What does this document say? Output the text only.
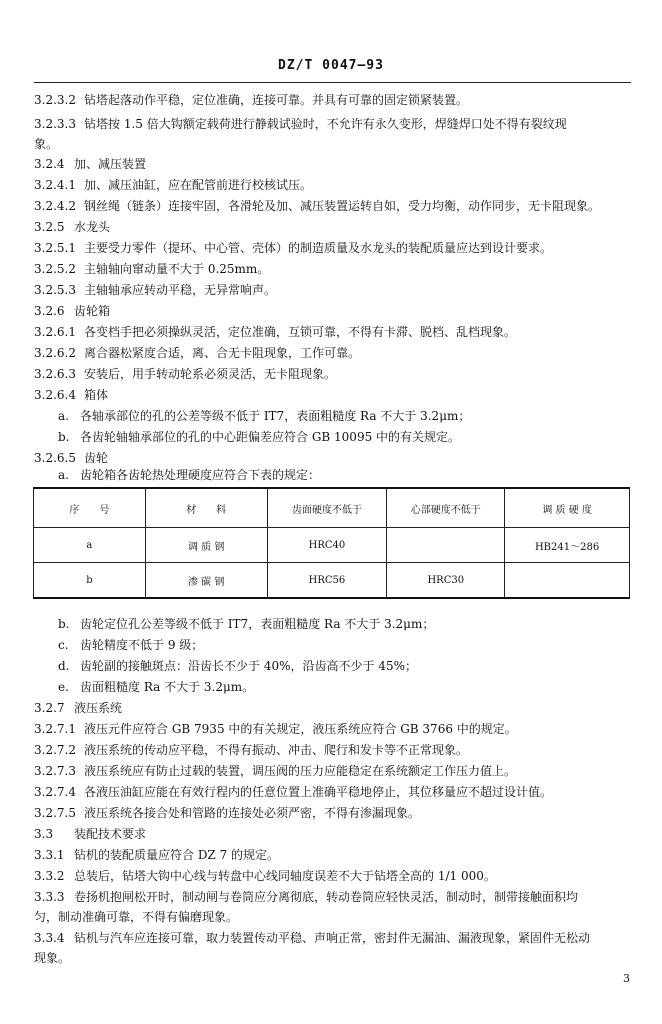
DZ/T 0047—93
3.2.3.2 钻塔起落动作平稳，定位准确，连接可靠。并具有可靠的固定锁紧装置。
3.2.3.3 钻塔按 1.5 倍大钩额定载荷进行静载试验时，不允许有永久变形，焊缝焊口处不得有裂纹现
象。
3.2.4 加、减压装置
3.2.4.1 加、减压油缸，应在配管前进行校核试压。
3.2.4.2 钢丝绳（链条）连接牢固，各滑轮及加、减压装置运转自如，受力均衡，动作同步，无卡阻现象。
3.2.5 水龙头
3.2.5.1 主要受力零件（提环、中心管、壳体）的制造质量及水龙头的装配质量应达到设计要求。
3.2.5.2 主轴轴向窜动量不大于 0.25mm。
3.2.5.3 主轴轴承应转动平稳，无异常响声。
3.2.6 齿轮箱
3.2.6.1 各变档手把必须操纵灵活，定位准确，互锁可靠，不得有卡滞、脱档、乱档现象。
3.2.6.2 离合器松紧度合适，离、合无卡阻现象，工作可靠。
3.2.6.3 安装后，用手转动轮系必须灵活，无卡阻现象。
3.2.6.4 箱体
a. 各轴承部位的孔的公差等级不低于 IT7，表面粗糙度 Ra 不大于 3.2μm；
b. 各齿轮轴轴承部位的孔的中心距偏差应符合 GB 10095 中的有关规定。
3.2.6.5 齿轮
a. 齿轮箱各齿轮热处理硬度应符合下表的规定：
序　　号	材　　料	齿面硬度不低于	心部硬度不低于	调 质 硬 度
a	调 质 钢	HRC40		HB241～286
b	渗 碳 钢	HRC56	HRC30	
b. 齿轮定位孔公差等级不低于 IT7，表面粗糙度 Ra 不大于 3.2μm；
c. 齿轮精度不低于 9 级；
d. 齿轮副的接触斑点：沿齿长不少于 40%，沿齿高不少于 45%；
e. 齿面粗糙度 Ra 不大于 3.2μm。
3.2.7 液压系统
3.2.7.1 液压元件应符合 GB 7935 中的有关规定，液压系统应符合 GB 3766 中的规定。
3.2.7.2 液压系统的传动应平稳，不得有振动、冲击、爬行和发卡等不正常现象。
3.2.7.3 液压系统应有防止过载的装置，调压阀的压力应能稳定在系统额定工作压力值上。
3.2.7.4 各液压油缸应能在有效行程内的任意位置上准确平稳地停止，其位移量应不超过设计值。
3.2.7.5 液压系统各接合处和管路的连接处必须严密，不得有渗漏现象。
3.3 装配技术要求
3.3.1 钻机的装配质量应符合 DZ 7 的规定。
3.3.2 总装后，钻塔大钩中心线与转盘中心线同轴度误差不大于钻塔全高的 1/1 000。
3.3.3 卷扬机抱闸松开时，制动闸与卷筒应分离彻底，转动卷筒应轻快灵活，制动时，制带接触面积均
匀，制动准确可靠，不得有偏磨现象。
3.3.4 钻机与汽车应连接可靠，取力装置传动平稳、声响正常，密封件无漏油、漏液现象，紧固件无松动
现象。
3
